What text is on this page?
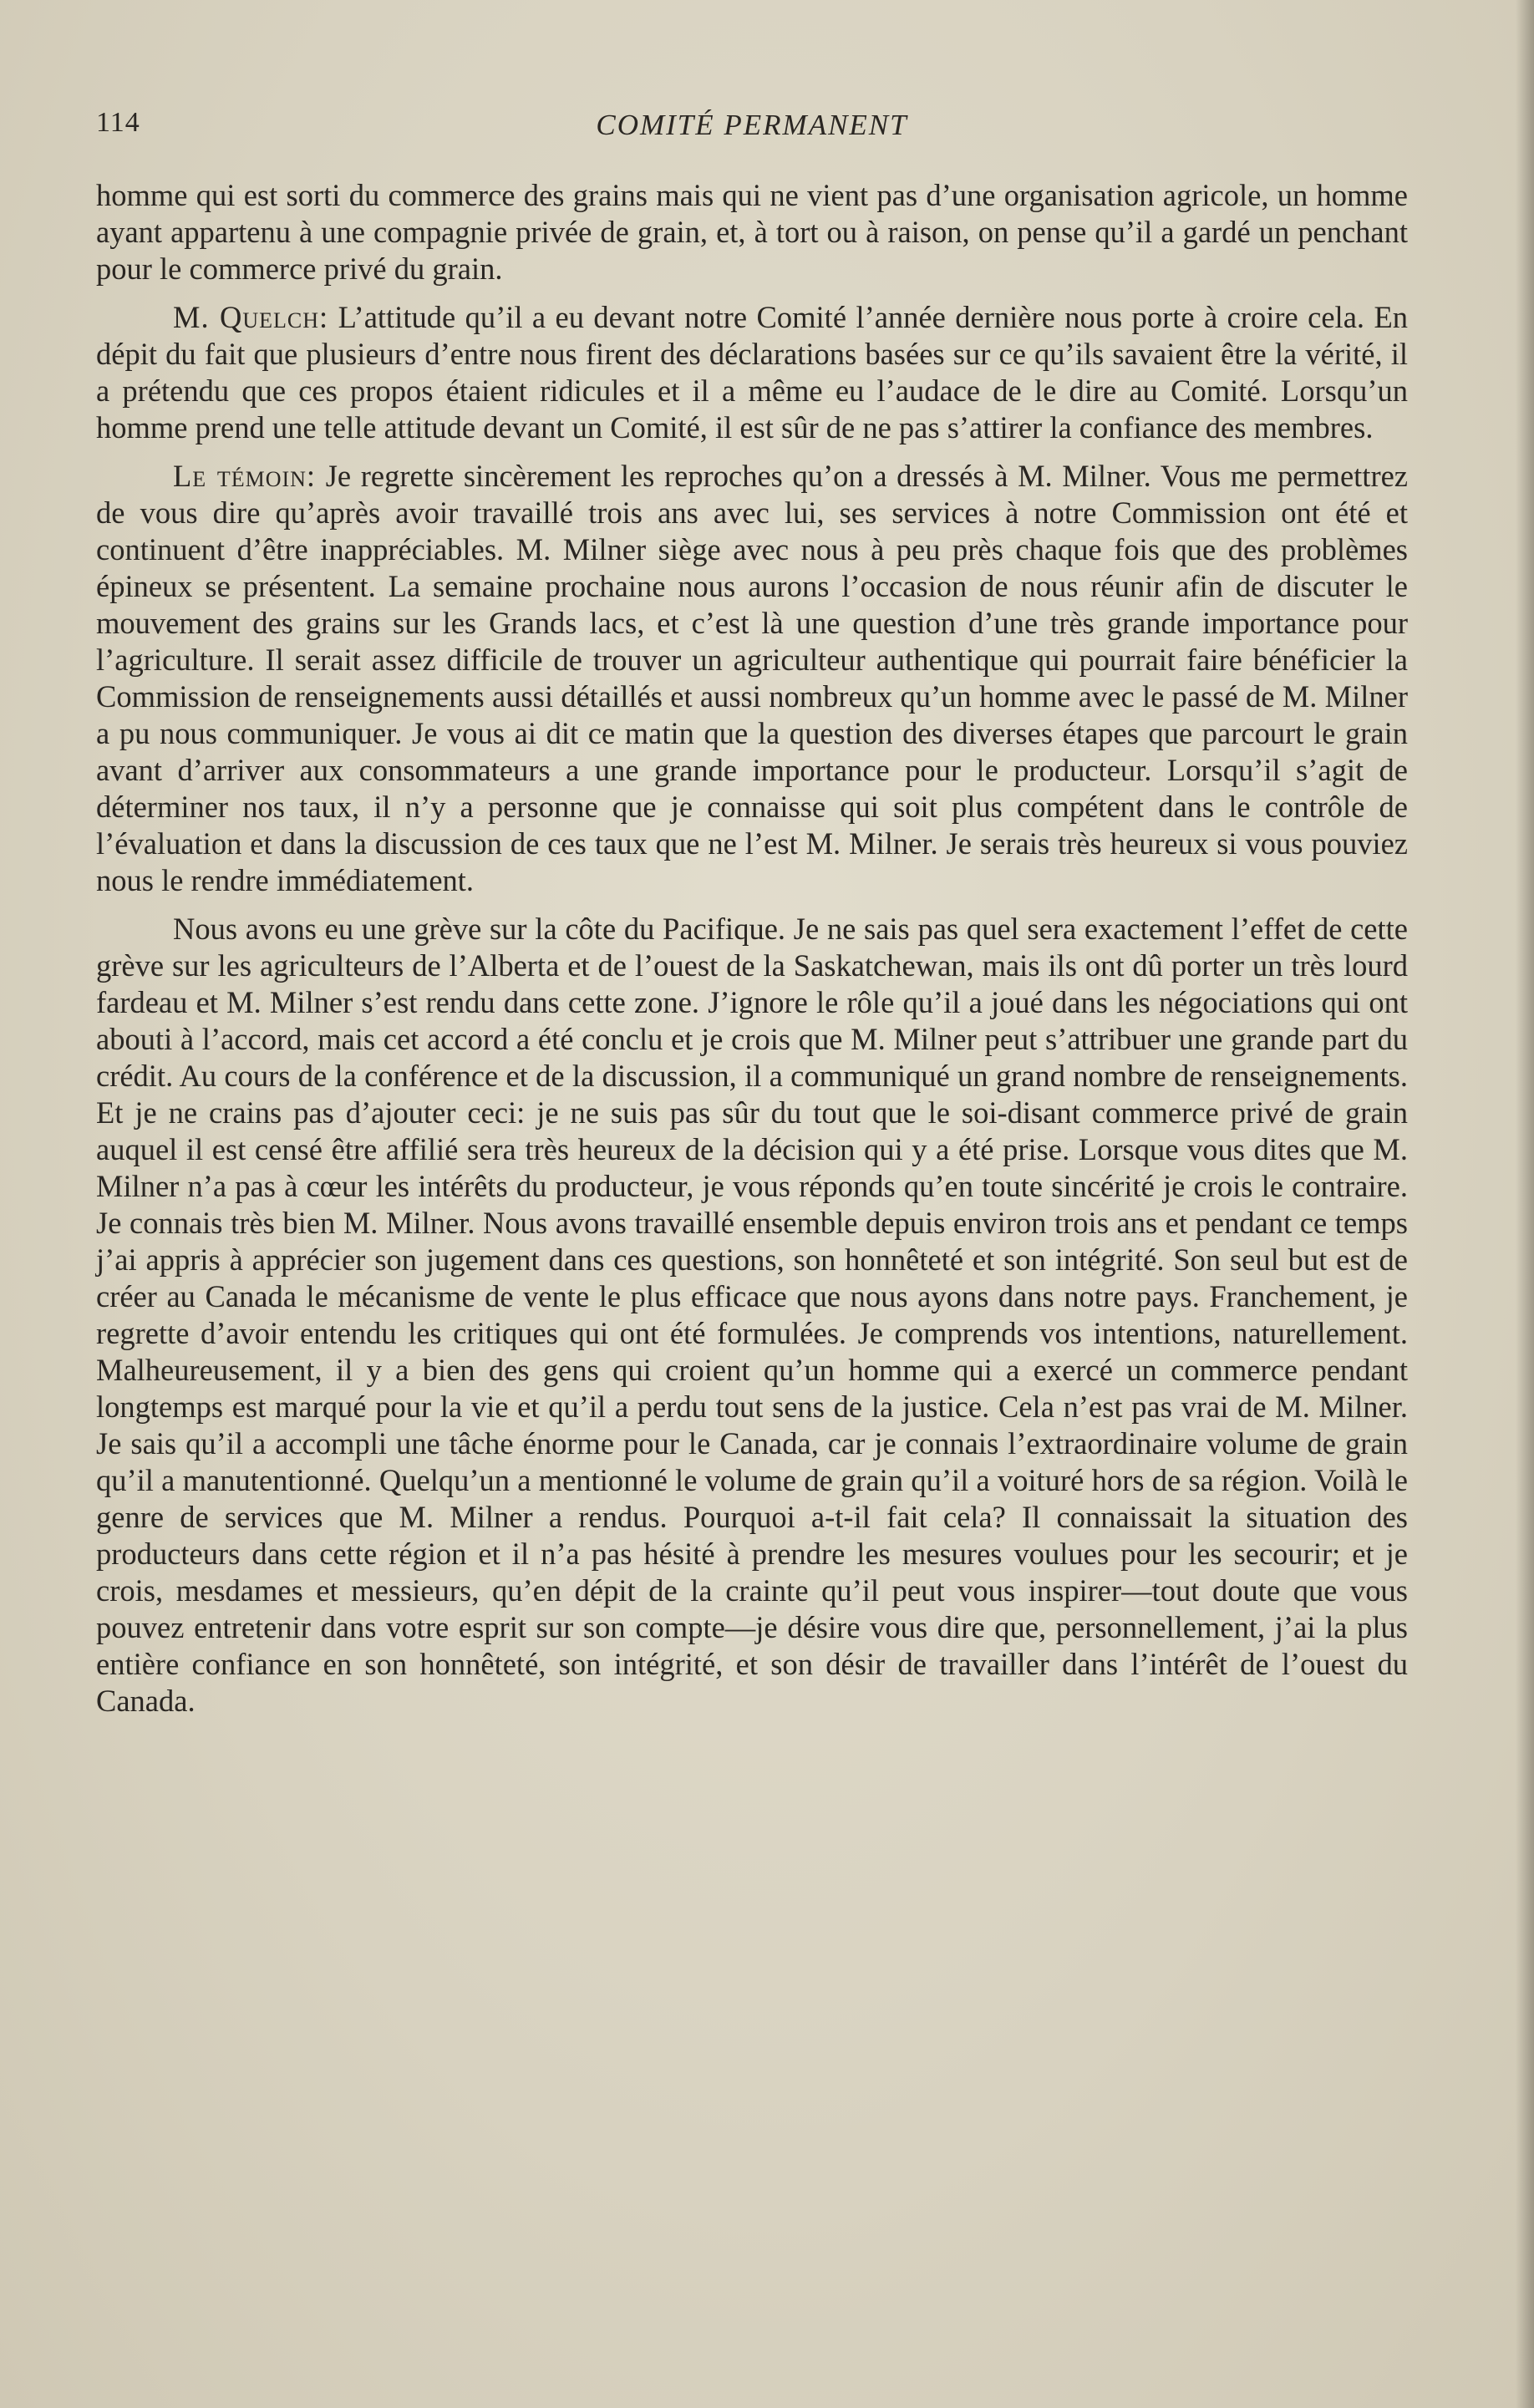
114	COMITÉ PERMANENT

homme qui est sorti du commerce des grains mais qui ne vient pas d’une organisation agricole, un homme ayant appartenu à une compagnie privée de grain, et, à tort ou à raison, on pense qu’il a gardé un penchant pour le commerce privé du grain.

M. Quelch: L’attitude qu’il a eu devant notre Comité l’année dernière nous porte à croire cela. En dépit du fait que plusieurs d’entre nous firent des déclarations basées sur ce qu’ils savaient être la vérité, il a prétendu que ces propos étaient ridicules et il a même eu l’audace de le dire au Comité. Lorsqu’un homme prend une telle attitude devant un Comité, il est sûr de ne pas s’attirer la confiance des membres.

Le témoin: Je regrette sincèrement les reproches qu’on a dressés à M. Milner. Vous me permettrez de vous dire qu’après avoir travaillé trois ans avec lui, ses services à notre Commission ont été et continuent d’être inappréciables. M. Milner siège avec nous à peu près chaque fois que des problèmes épineux se présentent. La semaine prochaine nous aurons l’occasion de nous réunir afin de discuter le mouvement des grains sur les Grands lacs, et c’est là une question d’une très grande importance pour l’agriculture. Il serait assez difficile de trouver un agriculteur authentique qui pourrait faire bénéficier la Commission de renseignements aussi détaillés et aussi nombreux qu’un homme avec le passé de M. Milner a pu nous communiquer. Je vous ai dit ce matin que la question des diverses étapes que parcourt le grain avant d’arriver aux consommateurs a une grande importance pour le producteur. Lorsqu’il s’agit de déterminer nos taux, il n’y a personne que je connaisse qui soit plus compétent dans le contrôle de l’évaluation et dans la discussion de ces taux que ne l’est M. Milner. Je serais très heureux si vous pouviez nous le rendre immédiatement.

Nous avons eu une grève sur la côte du Pacifique. Je ne sais pas quel sera exactement l’effet de cette grève sur les agriculteurs de l’Alberta et de l’ouest de la Saskatchewan, mais ils ont dû porter un très lourd fardeau et M. Milner s’est rendu dans cette zone. J’ignore le rôle qu’il a joué dans les négociations qui ont abouti à l’accord, mais cet accord a été conclu et je crois que M. Milner peut s’attribuer une grande part du crédit. Au cours de la conférence et de la discussion, il a communiqué un grand nombre de renseignements. Et je ne crains pas d’ajouter ceci: je ne suis pas sûr du tout que le soi-disant commerce privé de grain auquel il est censé être affilié sera très heureux de la décision qui y a été prise. Lorsque vous dites que M. Milner n’a pas à cœur les intérêts du producteur, je vous réponds qu’en toute sincérité je crois le contraire. Je connais très bien M. Milner. Nous avons travaillé ensemble depuis environ trois ans et pendant ce temps j’ai appris à apprécier son jugement dans ces questions, son honnêteté et son intégrité. Son seul but est de créer au Canada le mécanisme de vente le plus efficace que nous ayons dans notre pays. Franchement, je regrette d’avoir entendu les critiques qui ont été formulées. Je comprends vos intentions, naturellement. Malheureusement, il y a bien des gens qui croient qu’un homme qui a exercé un commerce pendant longtemps est marqué pour la vie et qu’il a perdu tout sens de la justice. Cela n’est pas vrai de M. Milner. Je sais qu’il a accompli une tâche énorme pour le Canada, car je connais l’extraordinaire volume de grain qu’il a manutentionné. Quelqu’un a mentionné le volume de grain qu’il a voituré hors de sa région. Voilà le genre de services que M. Milner a rendus. Pourquoi a-t-il fait cela? Il connaissait la situation des producteurs dans cette région et il n’a pas hésité à prendre les mesures voulues pour les secourir; et je crois, mesdames et messieurs, qu’en dépit de la crainte qu’il peut vous inspirer—tout doute que vous pouvez entretenir dans votre esprit sur son compte—je désire vous dire que, personnellement, j’ai la plus entière confiance en son honnêteté, son intégrité, et son désir de travailler dans l’intérêt de l’ouest du Canada.
